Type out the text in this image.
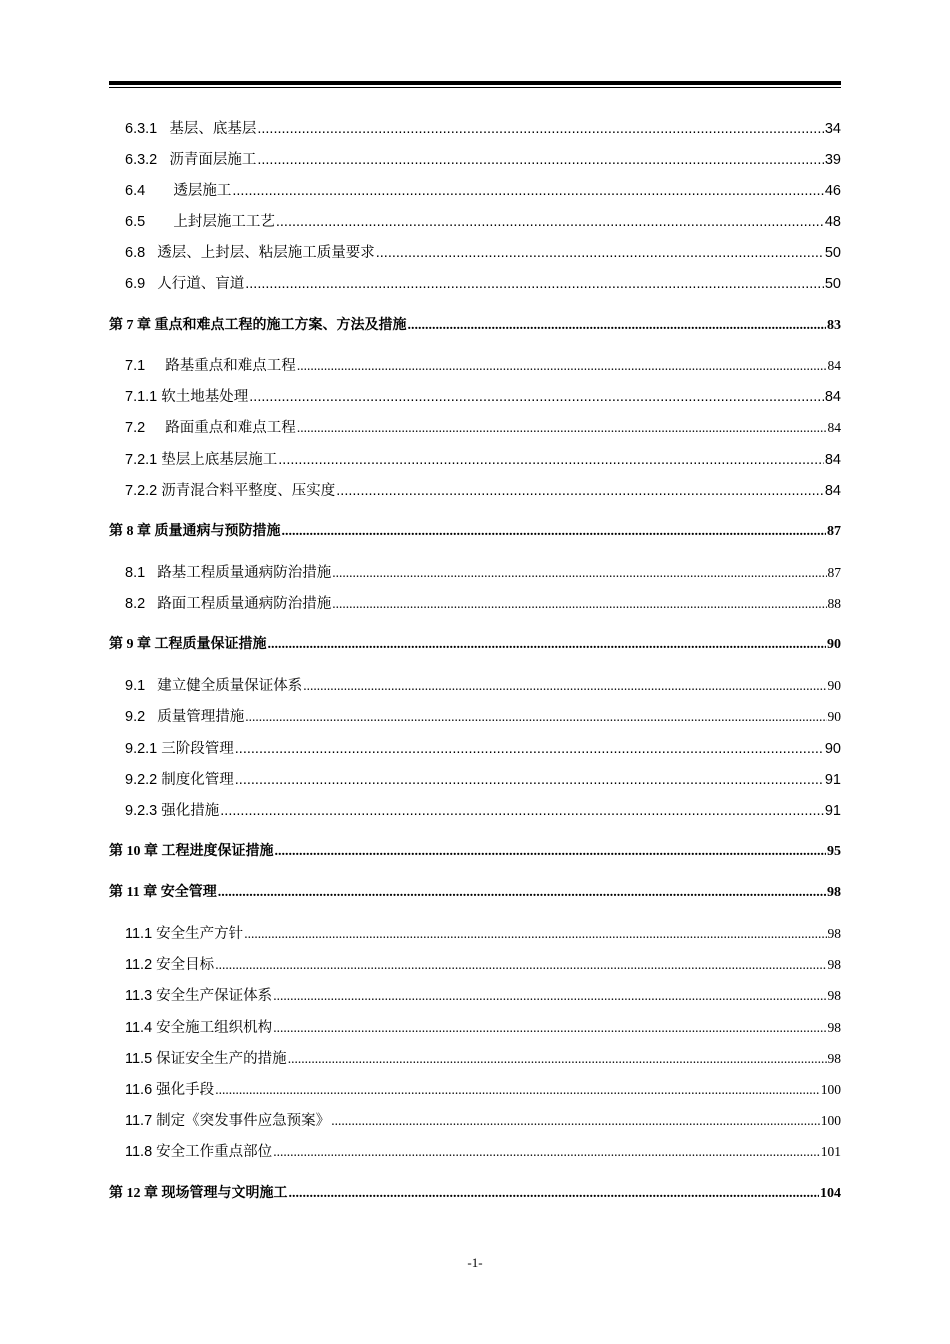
6.3.1   基层、底基层 .....	34
6.3.2   沥青面层施工 .....	39
6.4       透层施工 .....	46
6.5       上封层施工工艺 .....	48
6.8   透层、上封层、粘层施工质量要求 .....	50
6.9   人行道、盲道 .....	50
第 7 章 重点和难点工程的施工方案、方法及措施 .....	83
7.1     路基重点和难点工程 .....	84
7.1.1 软土地基处理 .....	84
7.2     路面重点和难点工程 .....	84
7.2.1 垫层上底基层施工 .....	84
7.2.2 沥青混合料平整度、压实度 .....	84
第 8 章 质量通病与预防措施 .....	87
8.1   路基工程质量通病防治措施 .....	87
8.2   路面工程质量通病防治措施 .....	88
第 9 章 工程质量保证措施 .....	90
9.1   建立健全质量保证体系 .....	90
9.2   质量管理措施 .....	90
9.2.1 三阶段管理 .....	90
9.2.2 制度化管理 .....	91
9.2.3 强化措施 .....	91
第 10 章 工程进度保证措施 .....	95
第 11 章 安全管理 .....	98
11.1 安全生产方针 .....	98
11.2 安全目标 .....	98
11.3 安全生产保证体系 .....	98
11.4 安全施工组织机构 .....	98
11.5 保证安全生产的措施 .....	98
11.6 强化手段 .....	100
11.7 制定《突发事件应急预案》 .....	100
11.8 安全工作重点部位 .....	101
第 12 章 现场管理与文明施工 .....	104
-1-
